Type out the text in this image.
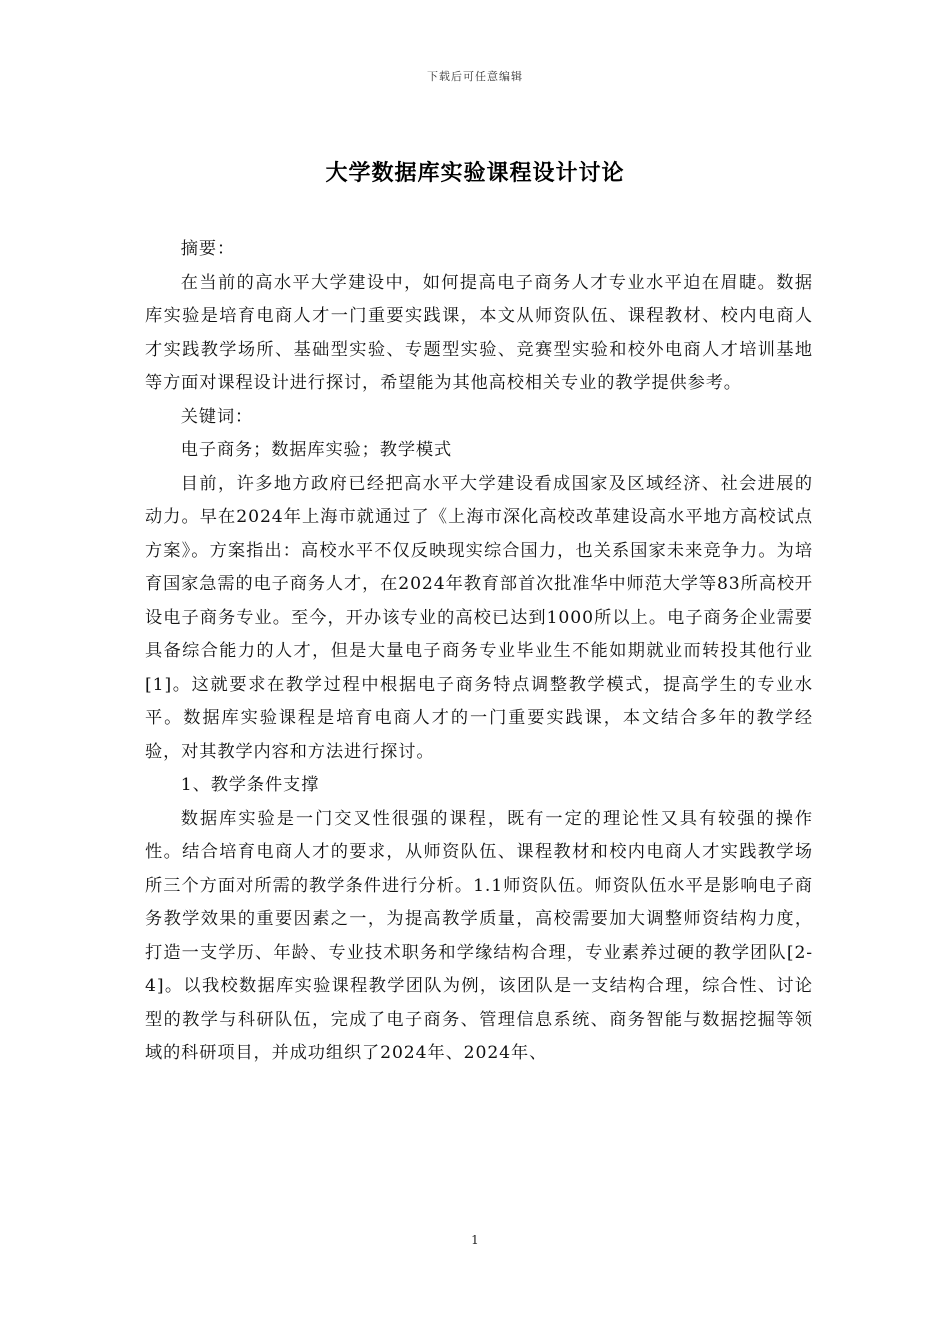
下载后可任意编辑
大学数据库实验课程设计讨论

摘要：

在当前的高水平大学建设中，如何提高电子商务人才专业水平迫在眉睫。数据库实验是培育电商人才一门重要实践课，本文从师资队伍、课程教材、校内电商人才实践教学场所、基础型实验、专题型实验、竞赛型实验和校外电商人才培训基地等方面对课程设计进行探讨，希望能为其他高校相关专业的教学提供参考。

关键词：

电子商务；数据库实验；教学模式

目前，许多地方政府已经把高水平大学建设看成国家及区域经济、社会进展的动力。早在2024年上海市就通过了《上海市深化高校改革建设高水平地方高校试点方案》。方案指出：高校水平不仅反映现实综合国力，也关系国家未来竞争力。为培育国家急需的电子商务人才，在2024年教育部首次批准华中师范大学等83所高校开设电子商务专业。至今，开办该专业的高校已达到1000所以上。电子商务企业需要具备综合能力的人才，但是大量电子商务专业毕业生不能如期就业而转投其他行业[1]。这就要求在教学过程中根据电子商务特点调整教学模式，提高学生的专业水平。数据库实验课程是培育电商人才的一门重要实践课，本文结合多年的教学经验，对其教学内容和方法进行探讨。

1、教学条件支撑

数据库实验是一门交叉性很强的课程，既有一定的理论性又具有较强的操作性。结合培育电商人才的要求，从师资队伍、课程教材和校内电商人才实践教学场所三个方面对所需的教学条件进行分析。1.1师资队伍。师资队伍水平是影响电子商务教学效果的重要因素之一，为提高教学质量，高校需要加大调整师资结构力度，打造一支学历、年龄、专业技术职务和学缘结构合理，专业素养过硬的教学团队[2-4]。以我校数据库实验课程教学团队为例，该团队是一支结构合理，综合性、讨论型的教学与科研队伍，完成了电子商务、管理信息系统、商务智能与数据挖掘等领域的科研项目，并成功组织了2024年、2024年、

1
